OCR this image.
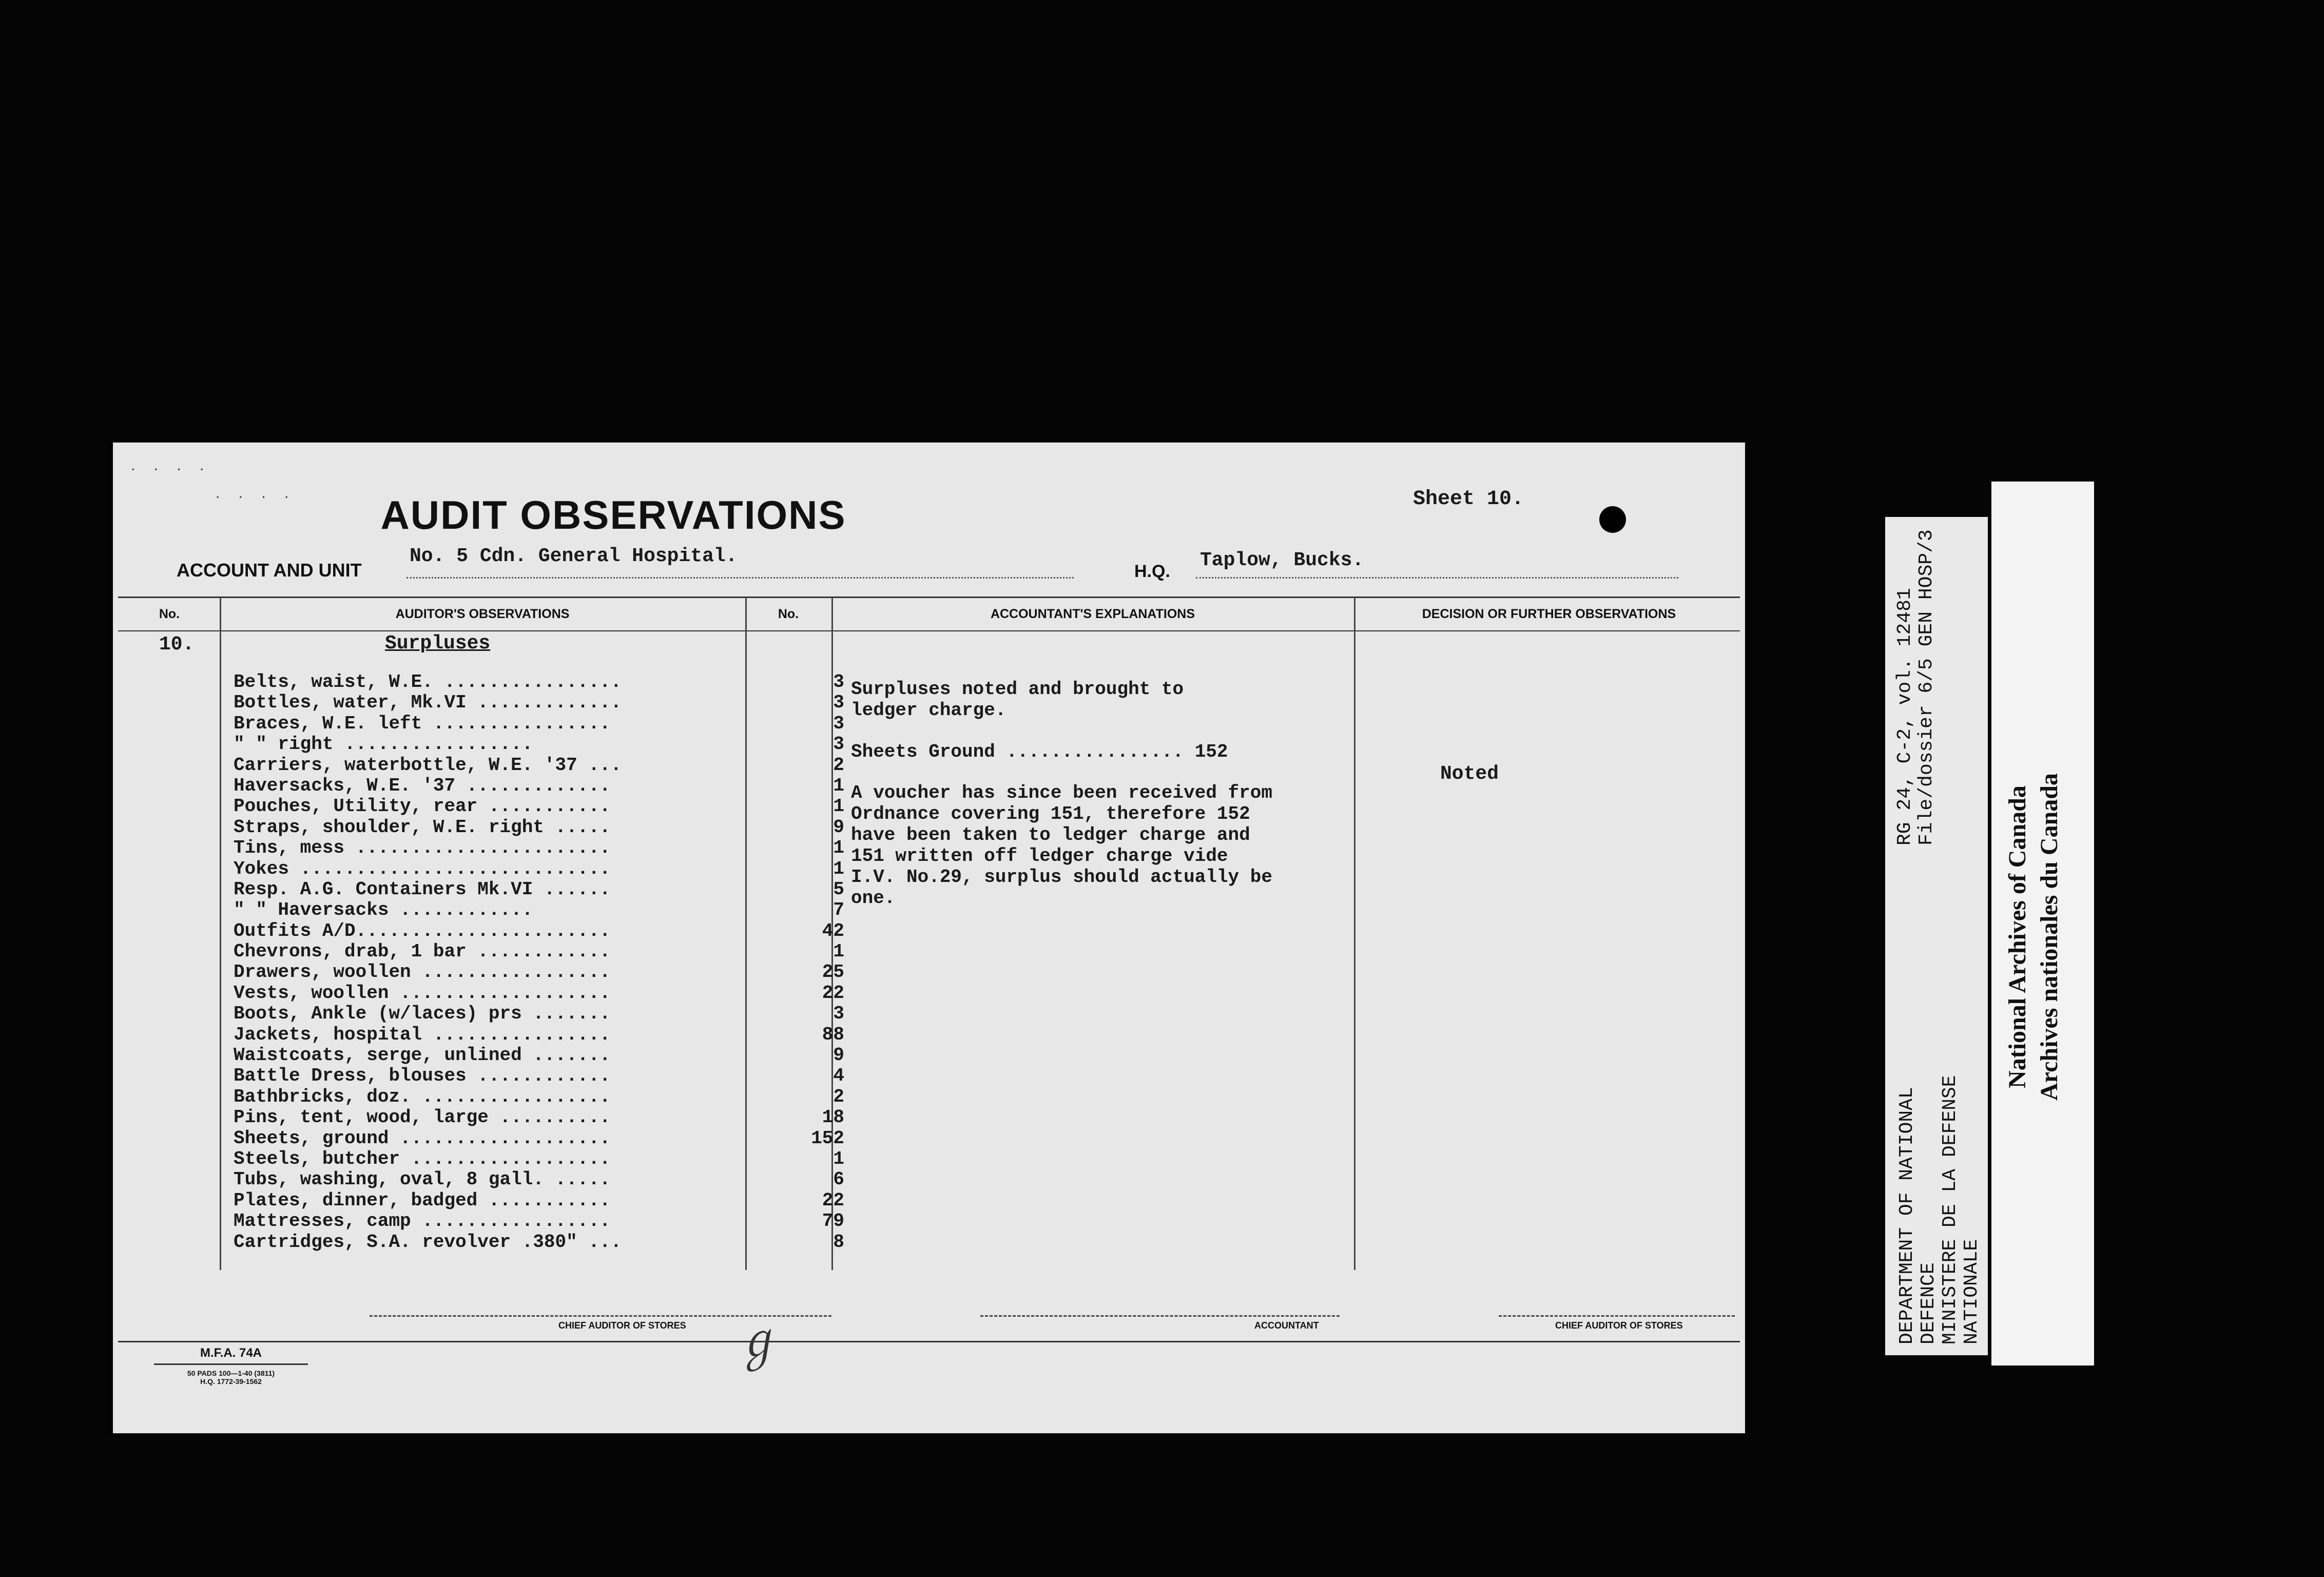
. . . .
. . . .	AUDIT OBSERVATIONS	Sheet 10.
ACCOUNT AND UNIT
No. 5 Cdn. General Hospital.
H.Q. Taplow, Bucks.
No.	AUDITOR'S OBSERVATIONS	No.	ACCOUNTANT'S EXPLANATIONS	DECISION OR FURTHER OBSERVATIONS
10.	Surpluses
Belts, waist, W.E. ................	3
Bottles, water, Mk.VI .............	3
Braces, W.E. left ................	3
" " right .................	3
Carriers, waterbottle, W.E. '37 ...	2
Haversacks, W.E. '37 .............	1
Pouches, Utility, rear ...........	1
Straps, shoulder, W.E. right .....	9
Tins, mess .......................	1
Yokes ............................	1
Resp. A.G. Containers Mk.VI ......	5
" " Haversacks ............	7
Outfits A/D.......................	42
Chevrons, drab, 1 bar ............	1
Drawers, woollen .................	25
Vests, woollen ...................	22
Boots, Ankle (w/laces) prs .......	3
Jackets, hospital ................	88
Waistcoats, serge, unlined .......	9
Battle Dress, blouses ............	4
Bathbricks, doz. .................	2
Pins, tent, wood, large ..........	18
Sheets, ground ...................	152
Steels, butcher ..................	1
Tubs, washing, oval, 8 gall. .....	6
Plates, dinner, badged ...........	22
Mattresses, camp .................	79
Cartridges, S.A. revolver .380" ...	8
Surpluses noted and brought to
ledger charge.
Sheets Ground ................ 152
A voucher has since been received from
Ordnance covering 151, therefore 152
have been taken to ledger charge and
151 written off ledger charge vide
I.V. No.29, surplus should actually be
one.
Noted
CHIEF AUDITOR OF STORES	ACCOUNTANT	CHIEF AUDITOR OF STORES
ℊ
M.F.A. 74A
50 PADS 100—1-40 (3811)
H.Q. 1772-39-1562
DEPARTMENT OF NATIONAL DEFENCE MINISTERE DE LA DEFENSE NATIONALE
RG 24, C-2, vol. 12481 File/dossier 6/5 GEN HOSP/3
National Archives of Canada Archives nationales du Canada
